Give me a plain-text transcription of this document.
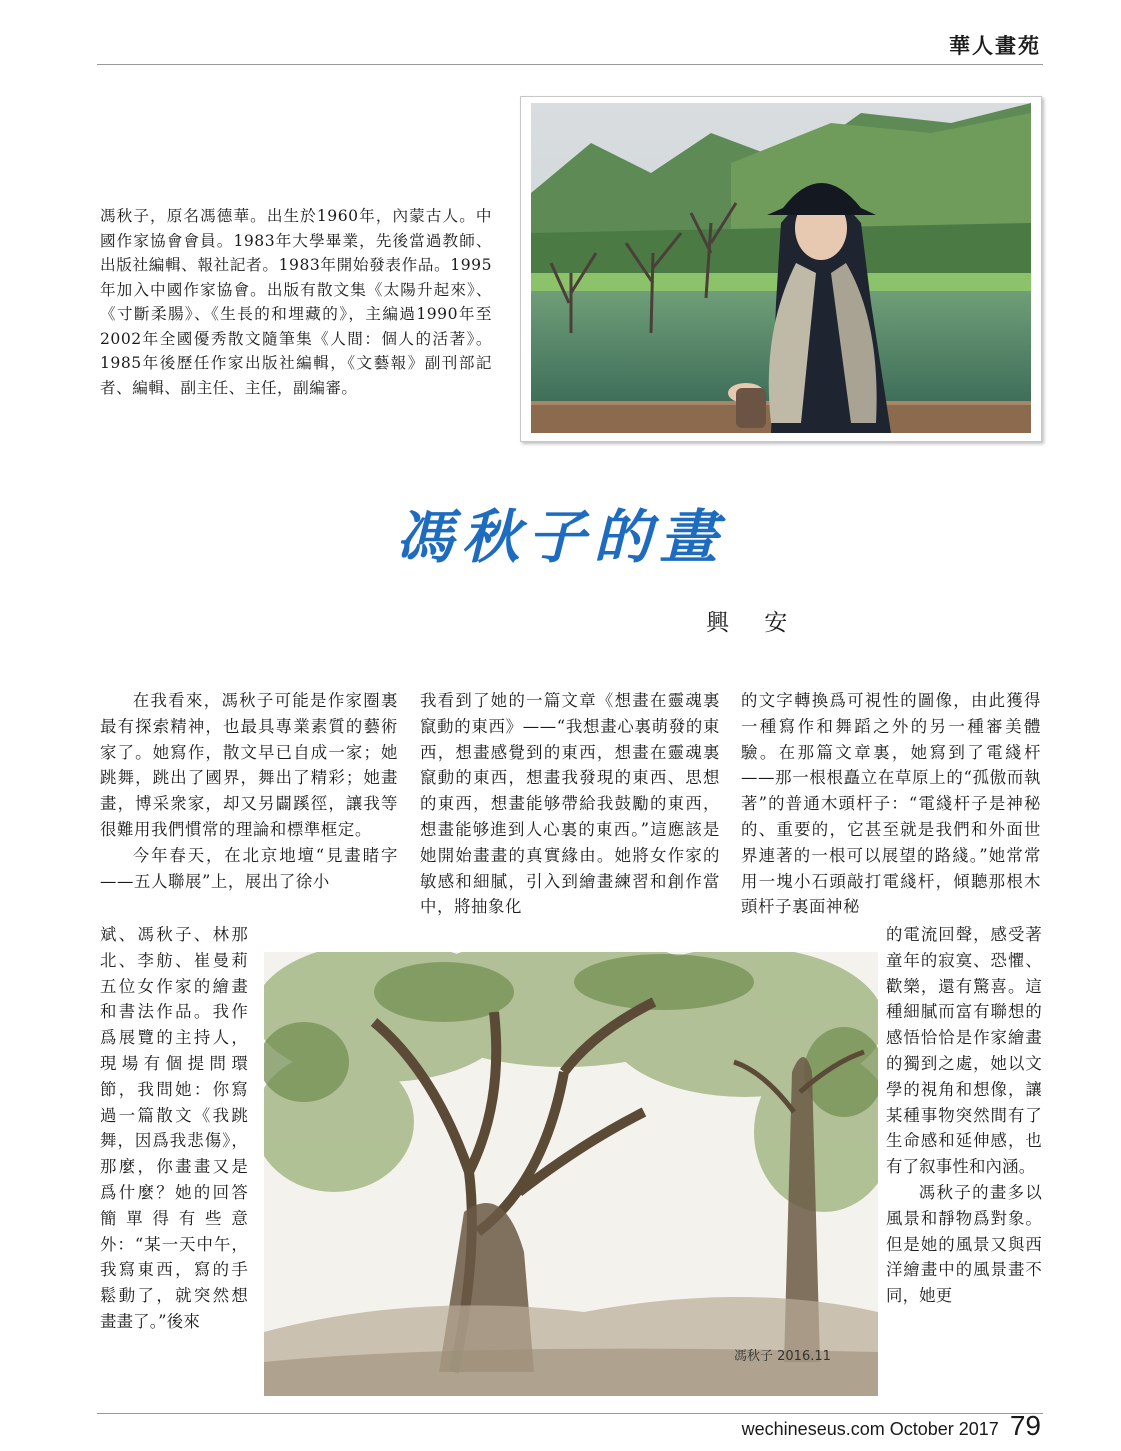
華人畫苑
馮秋子，原名馮德華。出生於1960年，內蒙古人。中國作家協會會員。1983年大學畢業，先後當過教師、出版社編輯、報社記者。1983年開始發表作品。1995年加入中國作家協會。出版有散文集《太陽升起來》、《寸斷柔腸》、《生長的和埋藏的》，主編過1990年至2002年全國優秀散文隨筆集《人間：個人的活著》。1985年後歷任作家出版社編輯，《文藝報》副刊部記者、編輯、副主任、主任，副編審。
馮秋子的畫
興 安

在我看來，馮秋子可能是作家圈裏最有探索精神，也最具專業素質的藝術家了。她寫作，散文早已自成一家；她跳舞，跳出了國界，舞出了精彩；她畫畫，博采衆家，却又另闢蹊徑，讓我等很難用我們慣常的理論和標準框定。

今年春天，在北京地壇“見畫睹字——五人聯展”上，展出了徐小

斌、馮秋子、林那北、李舫、崔曼莉五位女作家的繪畫和書法作品。我作爲展覽的主持人，現場有個提問環節，我問她：你寫過一篇散文《我跳舞，因爲我悲傷》，那麼，你畫畫又是爲什麼？她的回答簡單得有些意外：“某一天中午，我寫東西，寫的手鬆動了，就突然想畫畫了。”後來

我看到了她的一篇文章《想畫在靈魂裏竄動的東西》——“我想畫心裏萌發的東西，想畫感覺到的東西，想畫在靈魂裏竄動的東西，想畫我發現的東西、思想的東西，想畫能够帶給我鼓勵的東西，想畫能够進到人心裏的東西。”這應該是她開始畫畫的真實緣由。她將女作家的敏感和細膩，引入到繪畫練習和創作當中，將抽象化

的文字轉換爲可視性的圖像，由此獲得一種寫作和舞蹈之外的另一種審美體驗。在那篇文章裏，她寫到了電綫杆——那一根根矗立在草原上的“孤傲而執著”的普通木頭杆子：“電綫杆子是神秘的、重要的，它甚至就是我們和外面世界連著的一根可以展望的路綫。”她常常用一塊小石頭敲打電綫杆，傾聽那根木頭杆子裏面神秘

的電流回聲，感受著童年的寂寞、恐懼、歡樂，還有驚喜。這種細膩而富有聯想的感悟恰恰是作家繪畫的獨到之處，她以文學的視角和想像，讓某種事物突然間有了生命感和延伸感，也有了叙事性和內涵。

馮秋子的畫多以風景和靜物爲對象。但是她的風景又與西洋繪畫中的風景畫不同，她更

馮秋子 2016.11
wechineseus.com October 2017 79
